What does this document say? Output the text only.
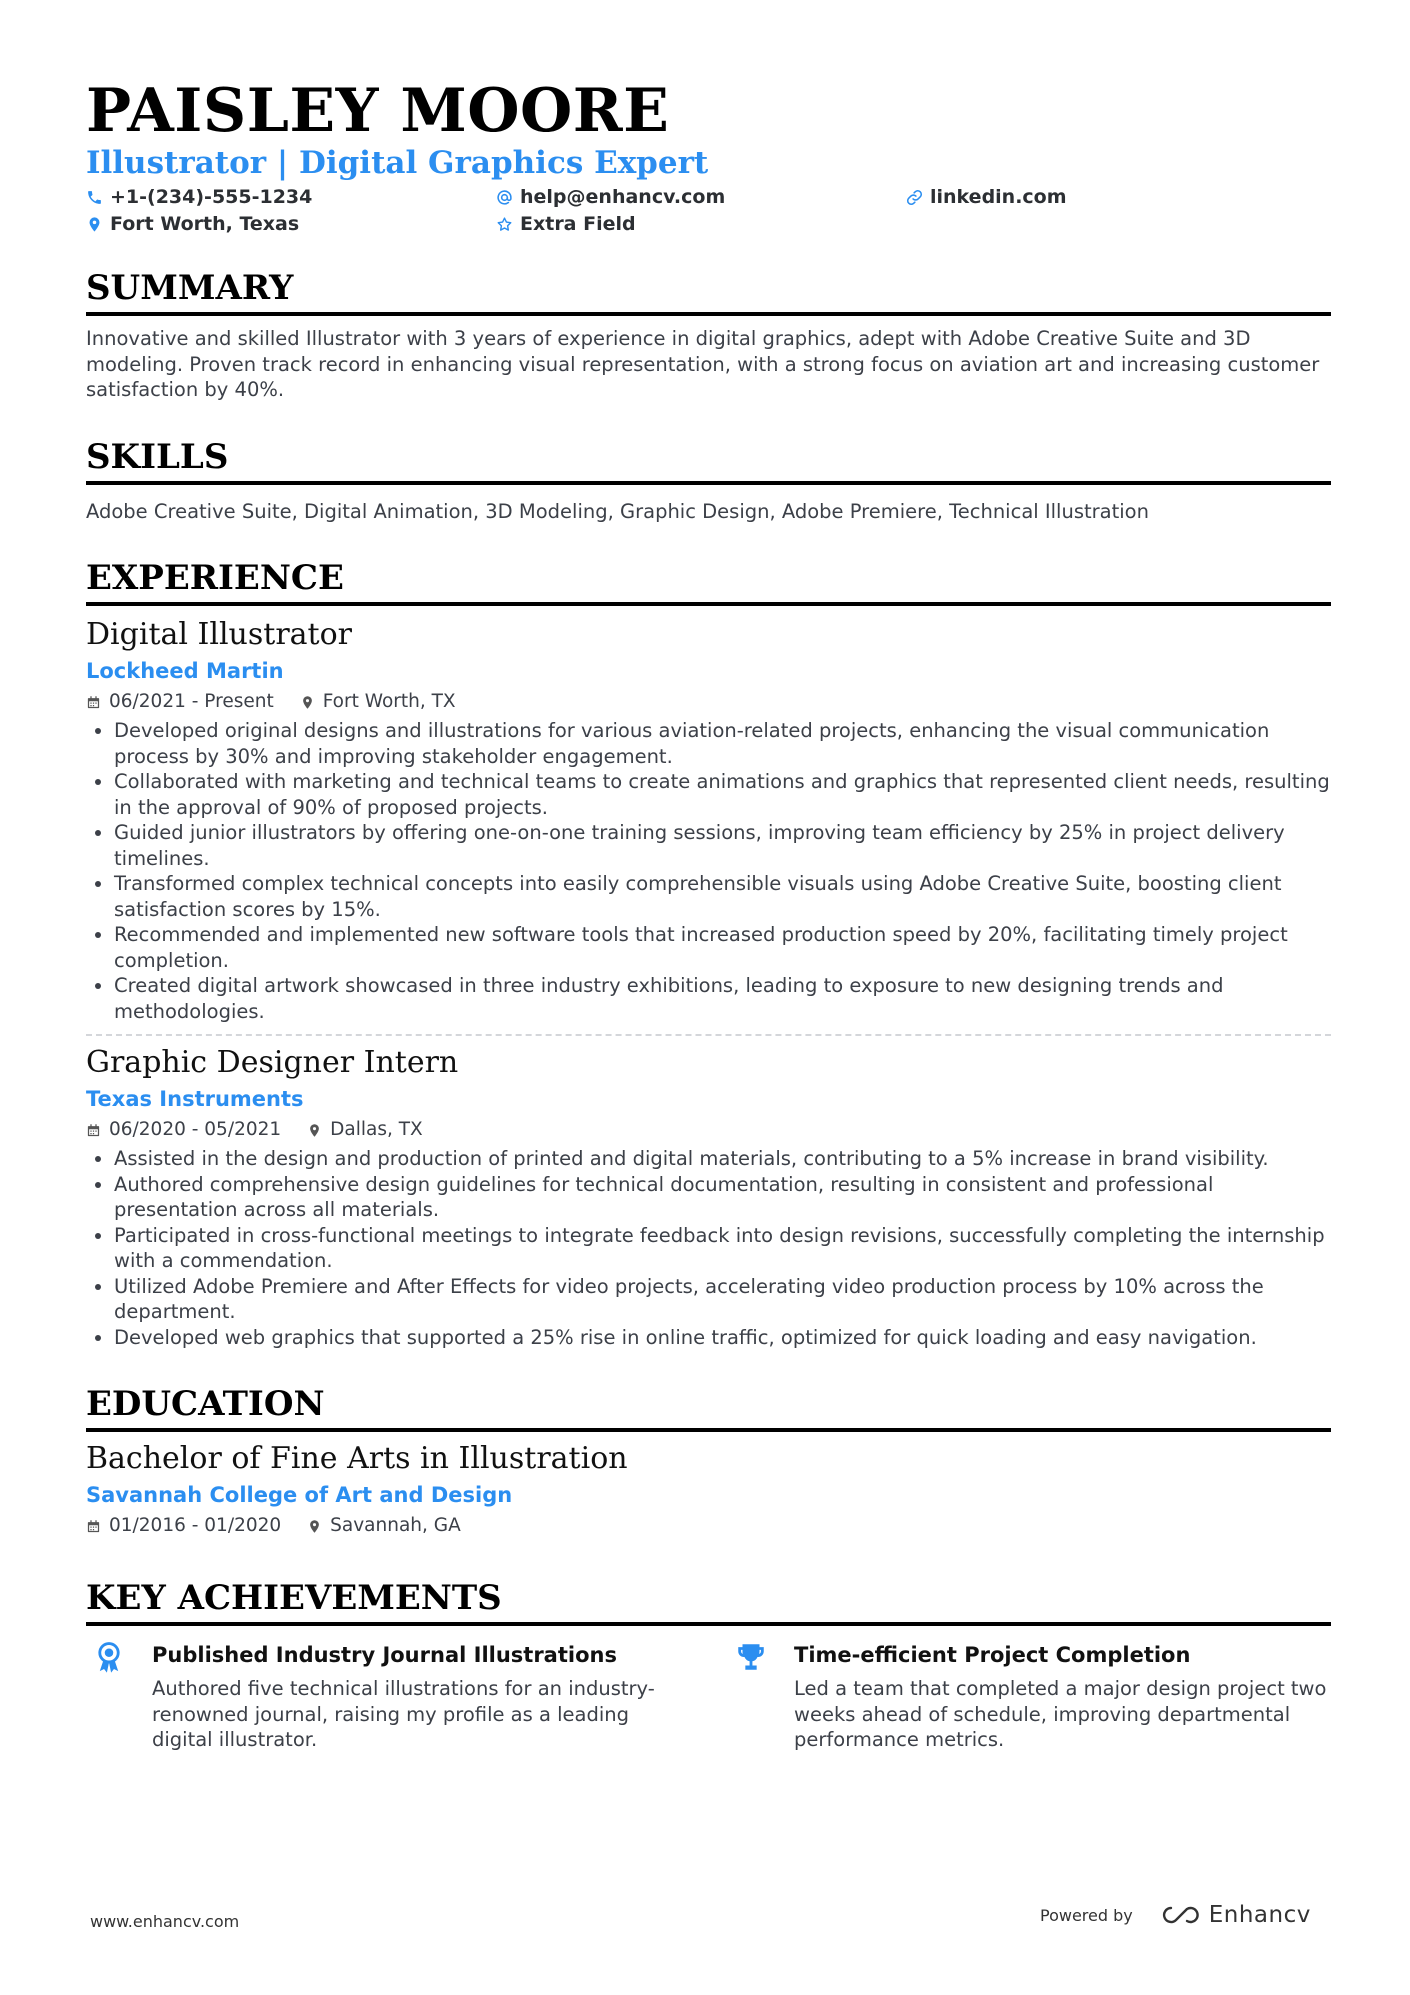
PAISLEY MOORE
Illustrator | Digital Graphics Expert
+1-(234)-555-1234	help@enhancv.com	linkedin.com
Fort Worth, Texas	Extra Field
SUMMARY

Innovative and skilled Illustrator with 3 years of experience in digital graphics, adept with Adobe Creative Suite and 3D modeling. Proven track record in enhancing visual representation, with a strong focus on aviation art and increasing customer satisfaction by 40%.

SKILLS

Adobe Creative Suite, Digital Animation, 3D Modeling, Graphic Design, Adobe Premiere, Technical Illustration

EXPERIENCE
Digital Illustrator
Lockheed Martin
06/2021 - Present	Fort Worth, TX
• Developed original designs and illustrations for various aviation-related projects, enhancing the visual communication process by 30% and improving stakeholder engagement.
• Collaborated with marketing and technical teams to create animations and graphics that represented client needs, resulting in the approval of 90% of proposed projects.
• Guided junior illustrators by offering one-on-one training sessions, improving team efficiency by 25% in project delivery timelines.
• Transformed complex technical concepts into easily comprehensible visuals using Adobe Creative Suite, boosting client satisfaction scores by 15%.
• Recommended and implemented new software tools that increased production speed by 20%, facilitating timely project completion.
• Created digital artwork showcased in three industry exhibitions, leading to exposure to new designing trends and methodologies.
Graphic Designer Intern
Texas Instruments
06/2020 - 05/2021	Dallas, TX
• Assisted in the design and production of printed and digital materials, contributing to a 5% increase in brand visibility.
• Authored comprehensive design guidelines for technical documentation, resulting in consistent and professional presentation across all materials.
• Participated in cross-functional meetings to integrate feedback into design revisions, successfully completing the internship with a commendation.
• Utilized Adobe Premiere and After Effects for video projects, accelerating video production process by 10% across the department.
• Developed web graphics that supported a 25% rise in online traffic, optimized for quick loading and easy navigation.
EDUCATION
Bachelor of Fine Arts in Illustration
Savannah College of Art and Design
01/2016 - 01/2020	Savannah, GA
KEY ACHIEVEMENTS

Published Industry Journal Illustrations

Authored five technical illustrations for an industry-renowned journal, raising my profile as a leading digital illustrator.

Time-efficient Project Completion

Led a team that completed a major design project two weeks ahead of schedule, improving departmental performance metrics.

www.enhancv.com	Powered by	Enhancv
